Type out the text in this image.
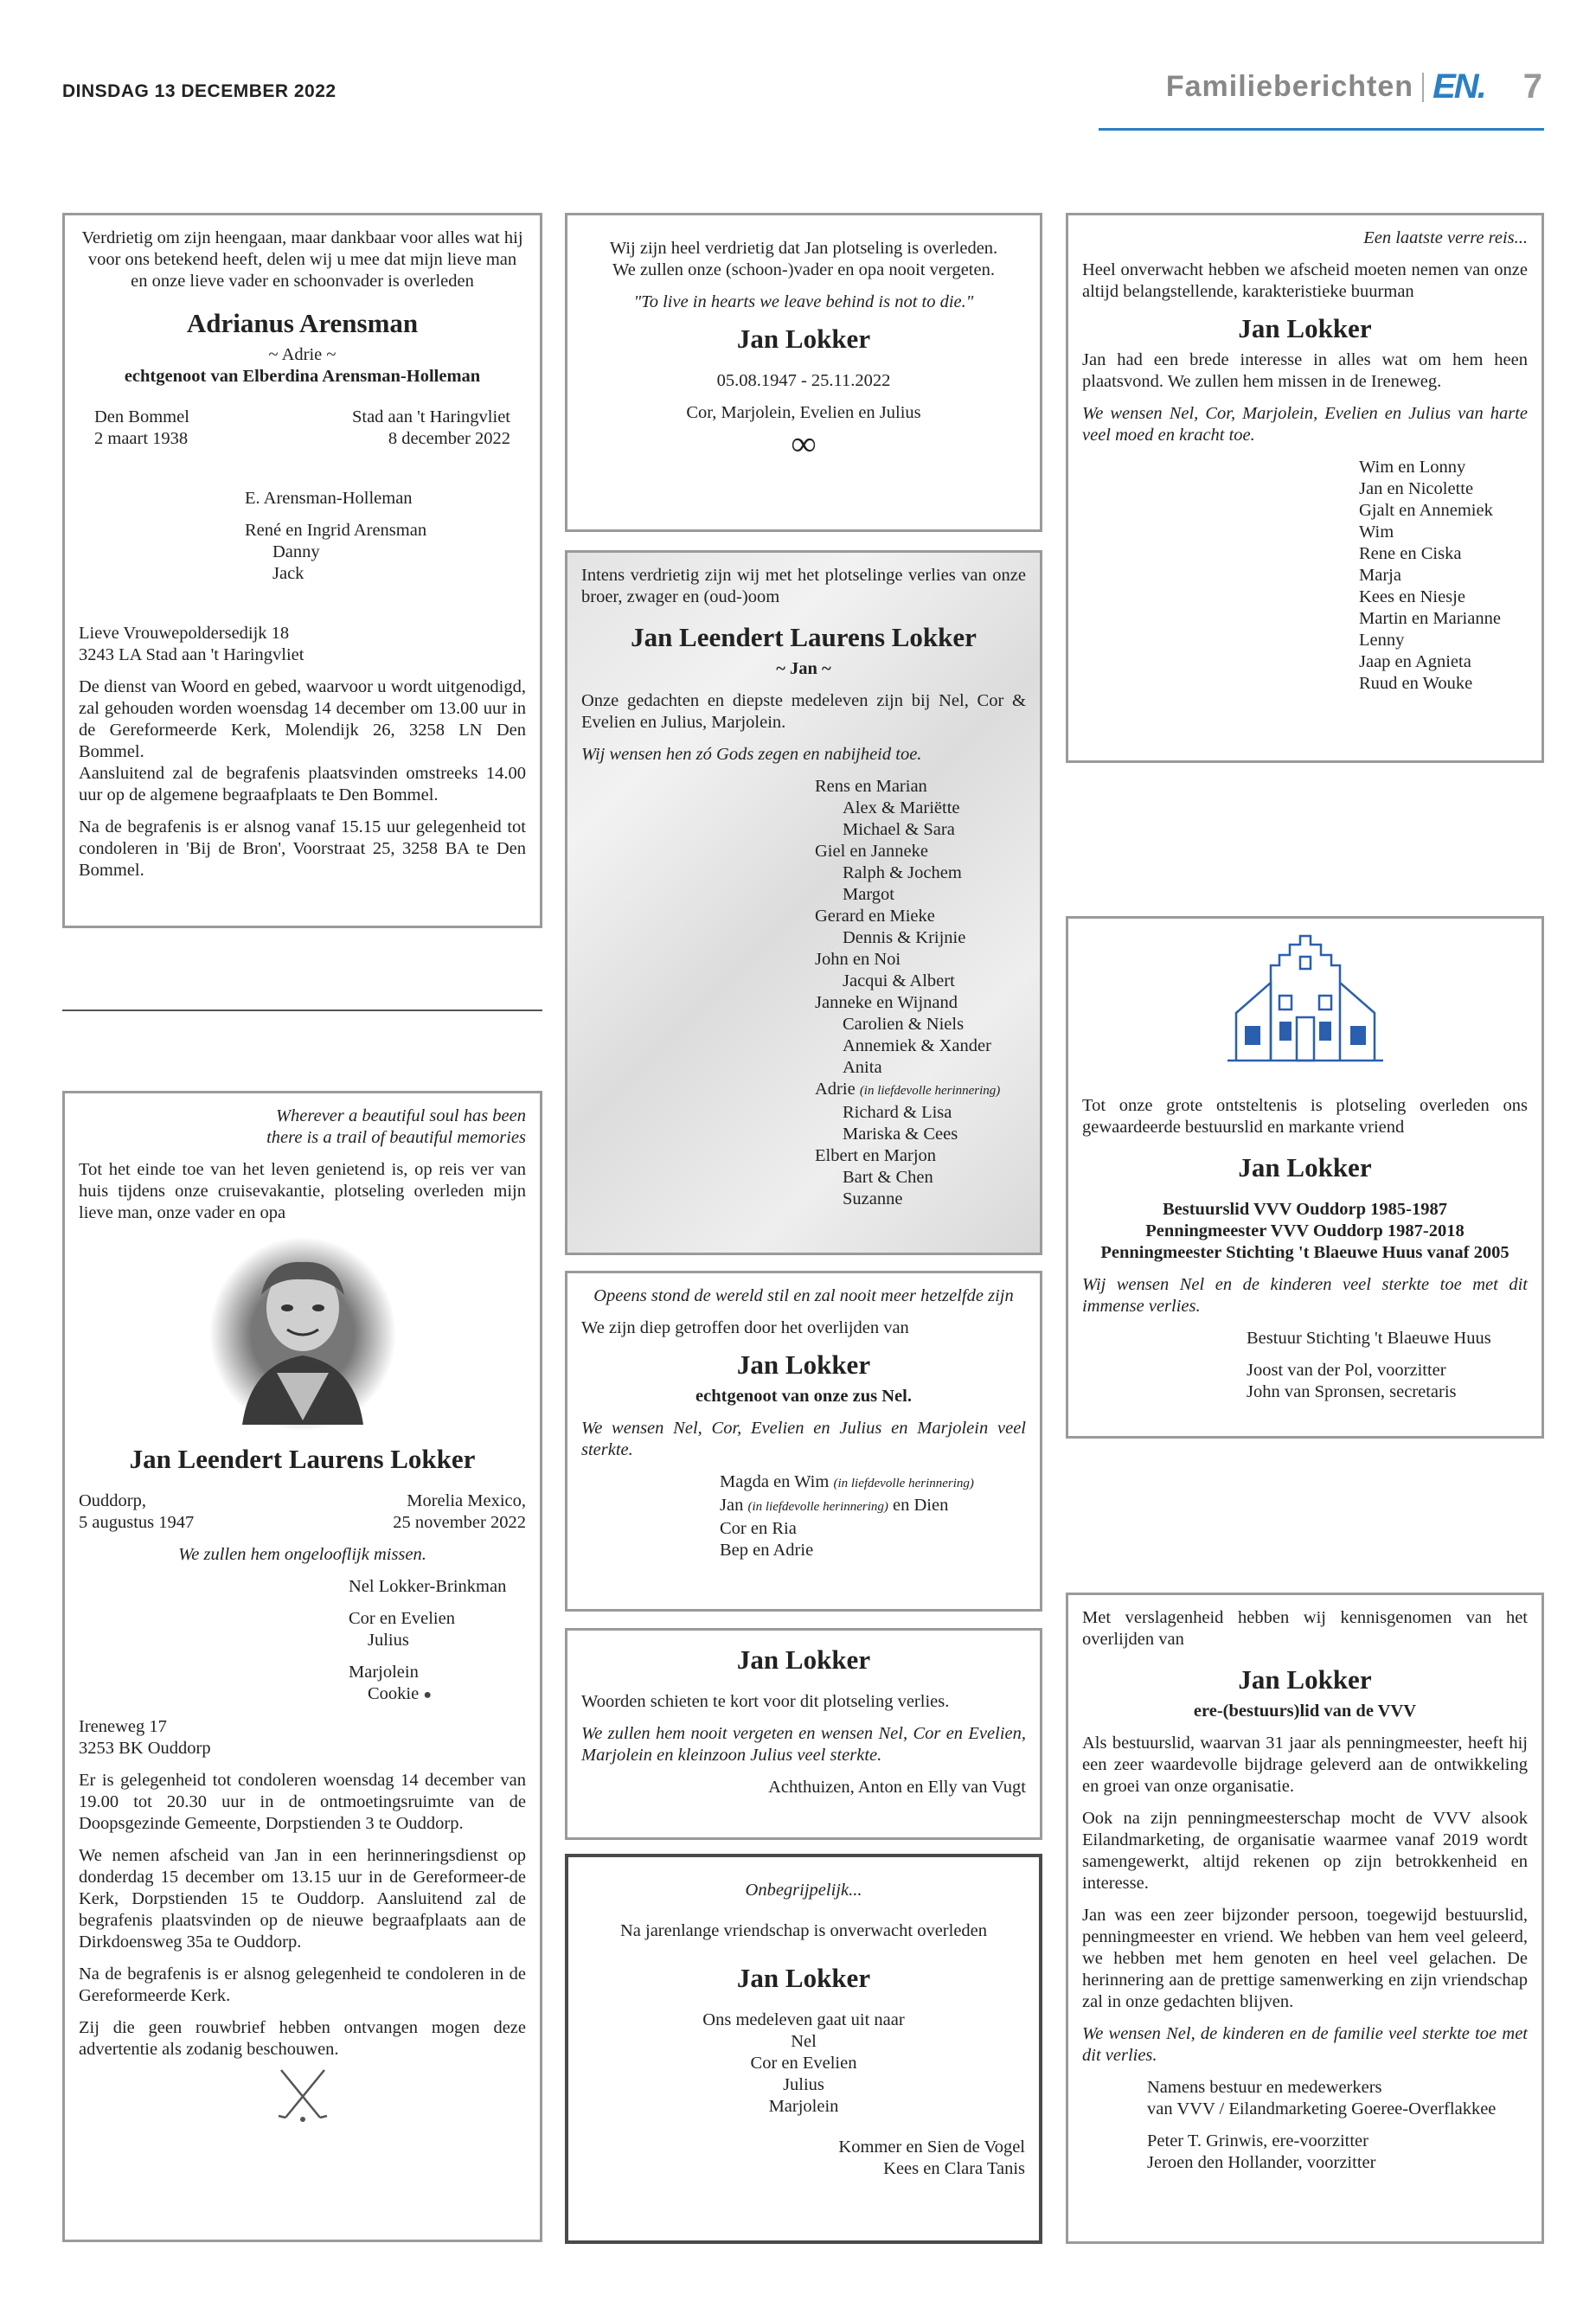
DINSDAG 13 DECEMBER 2022	Familieberichten EN. 7

Verdrietig om zijn heengaan, maar dankbaar voor alles wat hij voor ons betekend heeft, delen wij u mee dat mijn lieve man en onze lieve vader en schoonvader is overleden

Adrianus Arensman

~ Adrie ~

echtgenoot van Elberdina Arensman-Holleman

Den Bommel
2 maart 1938
Stad aan 't Haringvliet
8 december 2022
E. Arensman-Holleman
René en Ingrid Arensman
Danny
Jack

Lieve Vrouwepoldersedijk 18

3243 LA Stad aan 't Haringvliet

De dienst van Woord en gebed, waarvoor u wordt uitgenodigd, zal gehouden worden woensdag 14 december om 13.00 uur in de Gereformeerde Kerk, Molendijk 26, 3258 LN Den Bommel.

Aansluitend zal de begrafenis plaatsvinden omstreeks 14.00 uur op de algemene begraafplaats te Den Bommel.

Na de begrafenis is er alsnog vanaf 15.15 uur gelegenheid tot condoleren in 'Bij de Bron', Voorstraat 25, 3258 BA te Den Bommel.

Wij zijn heel verdrietig dat Jan plotseling is overleden.

We zullen onze (schoon-)vader en opa nooit vergeten.

"To live in hearts we leave behind is not to die."

Jan Lokker

05.08.1947 - 25.11.2022

Cor, Marjolein, Evelien en Julius

∞

Intens verdrietig zijn wij met het plotselinge verlies van onze broer, zwager en (oud-)oom

Jan Leendert Laurens Lokker

~ Jan ~

Onze gedachten en diepste medeleven zijn bij Nel, Cor & Evelien en Julius, Marjolein.

Wij wensen hen zó Gods zegen en nabijheid toe.

Rens en Marian
Alex & Mariëtte
Michael & Sara
Giel en Janneke
Ralph & Jochem
Margot
Gerard en Mieke
Dennis & Krijnie
John en Noi
Jacqui & Albert
Janneke en Wijnand
Carolien & Niels
Annemiek & Xander
Anita
Adrie (in liefdevolle herinnering)
Richard & Lisa
Mariska & Cees
Elbert en Marjon
Bart & Chen
Suzanne

Een laatste verre reis...

Heel onverwacht hebben we afscheid moeten nemen van onze altijd belangstellende, karakteristieke buurman

Jan Lokker

Jan had een brede interesse in alles wat om hem heen plaatsvond. We zullen hem missen in de Ireneweg.

We wensen Nel, Cor, Marjolein, Evelien en Julius van harte veel moed en kracht toe.

Wim en Lonny
Jan en Nicolette
Gjalt en Annemiek
Wim
Rene en Ciska
Marja
Kees en Niesje
Martin en Marianne
Lenny
Jaap en Agnieta
Ruud en Wouke

Tot onze grote ontsteltenis is plotseling overleden ons gewaardeerde bestuurslid en markante vriend

Jan Lokker

Bestuurslid VVV Ouddorp 1985-1987

Penningmeester VVV Ouddorp 1987-2018

Penningmeester Stichting 't Blaeuwe Huus vanaf 2005

Wij wensen Nel en de kinderen veel sterkte toe met dit immense verlies.

Bestuur Stichting 't Blaeuwe Huus
Joost van der Pol, voorzitter
John van Spronsen, secretaris

Wherever a beautiful soul has been

there is a trail of beautiful memories

Tot het einde toe van het leven genietend is, op reis ver van huis tijdens onze cruisevakantie, plotseling overleden mijn lieve man, onze vader en opa

Jan Leendert Laurens Lokker
Ouddorp,
5 augustus 1947
Morelia Mexico,
25 november 2022

We zullen hem ongelooflijk missen.

Nel Lokker-Brinkman
Cor en Evelien
Julius
Marjolein
Cookie ●

Ireneweg 17

3253 BK Ouddorp

Er is gelegenheid tot condoleren woensdag 14 december van 19.00 tot 20.30 uur in de ontmoetingsruimte van de Doopsgezinde Gemeente, Dorpstienden 3 te Ouddorp.

We nemen afscheid van Jan in een herinneringsdienst op donderdag 15 december om 13.15 uur in de Gereformeer-de Kerk, Dorpstienden 15 te Ouddorp. Aansluitend zal de begrafenis plaatsvinden op de nieuwe begraafplaats aan de Dirkdoensweg 35a te Ouddorp.

Na de begrafenis is er alsnog gelegenheid te condoleren in de Gereformeerde Kerk.

Zij die geen rouwbrief hebben ontvangen mogen deze advertentie als zodanig beschouwen.

Opeens stond de wereld stil en zal nooit meer hetzelfde zijn

We zijn diep getroffen door het overlijden van

Jan Lokker

echtgenoot van onze zus Nel.

We wensen Nel, Cor, Evelien en Julius en Marjolein veel sterkte.

Magda en Wim (in liefdevolle herinnering)
Jan (in liefdevolle herinnering) en Dien
Cor en Ria
Bep en Adrie
Jan Lokker

Woorden schieten te kort voor dit plotseling verlies.

We zullen hem nooit vergeten en wensen Nel, Cor en Evelien, Marjolein en kleinzoon Julius veel sterkte.

Achthuizen, Anton en Elly van Vugt

Onbegrijpelijk...

Na jarenlange vriendschap is onverwacht overleden

Jan Lokker

Ons medeleven gaat uit naar

Nel

Cor en Evelien

Julius

Marjolein

Kommer en Sien de Vogel

Kees en Clara Tanis

Met verslagenheid hebben wij kennisgenomen van het overlijden van

Jan Lokker

ere-(bestuurs)lid van de VVV

Als bestuurslid, waarvan 31 jaar als penningmeester, heeft hij een zeer waardevolle bijdrage geleverd aan de ontwikkeling en groei van onze organisatie.

Ook na zijn penningmeesterschap mocht de VVV alsook Eilandmarketing, de organisatie waarmee vanaf 2019 wordt samengewerkt, altijd rekenen op zijn betrokkenheid en interesse.

Jan was een zeer bijzonder persoon, toegewijd bestuurslid, penningmeester en vriend. We hebben van hem veel geleerd, we hebben met hem genoten en heel veel gelachen. De herinnering aan de prettige samenwerking en zijn vriendschap zal in onze gedachten blijven.

We wensen Nel, de kinderen en de familie veel sterkte toe met dit verlies.

Namens bestuur en medewerkers
van VVV / Eilandmarketing Goeree-Overflakkee
Peter T. Grinwis, ere-voorzitter
Jeroen den Hollander, voorzitter
